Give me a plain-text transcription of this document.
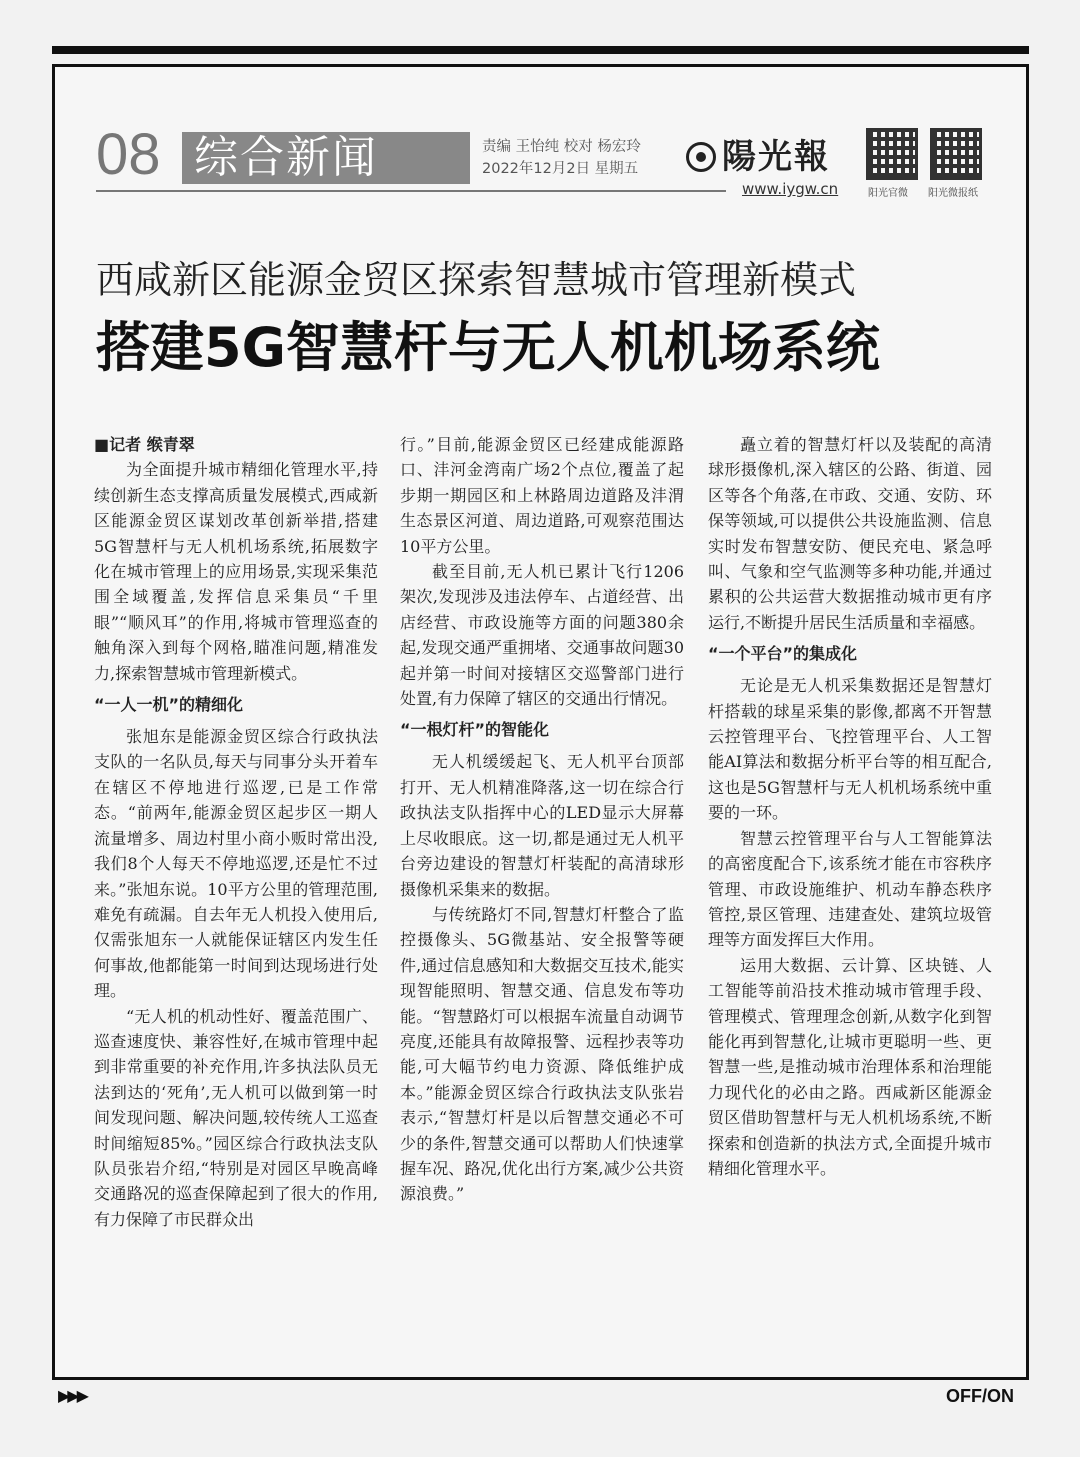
08 综合新闻	责编 王怡纯 校对 杨宏玲
2022年12月2日 星期五 陽光報
www.iygw.cn	阳光官微 阳光微报纸
西咸新区能源金贸区探索智慧城市管理新模式
搭建5G智慧杆与无人机机场系统

■记者 缑青翠

为全面提升城市精细化管理水平,持续创新生态支撑高质量发展模式,西咸新区能源金贸区谋划改革创新举措,搭建5G智慧杆与无人机机场系统,拓展数字化在城市管理上的应用场景,实现采集范围全域覆盖,发挥信息采集员“千里眼”“顺风耳”的作用,将城市管理巡查的触角深入到每个网格,瞄准问题,精准发力,探索智慧城市管理新模式。

“一人一机”的精细化

张旭东是能源金贸区综合行政执法支队的一名队员,每天与同事分头开着车在辖区不停地进行巡逻,已是工作常态。“前两年,能源金贸区起步区一期人流量增多、周边村里小商小贩时常出没,我们8个人每天不停地巡逻,还是忙不过来。”张旭东说。10平方公里的管理范围,难免有疏漏。自去年无人机投入使用后,仅需张旭东一人就能保证辖区内发生任何事故,他都能第一时间到达现场进行处理。

“无人机的机动性好、覆盖范围广、巡查速度快、兼容性好,在城市管理中起到非常重要的补充作用,许多执法队员无法到达的‘死角’,无人机可以做到第一时间发现问题、解决问题,较传统人工巡查时间缩短85%。”园区综合行政执法支队队员张岩介绍,“特别是对园区早晚高峰交通路况的巡查保障起到了很大的作用,有力保障了市民群众出

行。”目前,能源金贸区已经建成能源路口、沣河金湾南广场2个点位,覆盖了起步期一期园区和上林路周边道路及沣渭生态景区河道、周边道路,可观察范围达10平方公里。

截至目前,无人机已累计飞行1206架次,发现涉及违法停车、占道经营、出店经营、市政设施等方面的问题380余起,发现交通严重拥堵、交通事故问题30起并第一时间对接辖区交巡警部门进行处置,有力保障了辖区的交通出行情况。

“一根灯杆”的智能化

无人机缓缓起飞、无人机平台顶部打开、无人机精准降落,这一切在综合行政执法支队指挥中心的LED显示大屏幕上尽收眼底。这一切,都是通过无人机平台旁边建设的智慧灯杆装配的高清球形摄像机采集来的数据。

与传统路灯不同,智慧灯杆整合了监控摄像头、5G微基站、安全报警等硬件,通过信息感知和大数据交互技术,能实现智能照明、智慧交通、信息发布等功能。“智慧路灯可以根据车流量自动调节亮度,还能具有故障报警、远程抄表等功能,可大幅节约电力资源、降低维护成本。”能源金贸区综合行政执法支队张岩表示,“智慧灯杆是以后智慧交通必不可少的条件,智慧交通可以帮助人们快速掌握车况、路况,优化出行方案,减少公共资源浪费。”

矗立着的智慧灯杆以及装配的高清球形摄像机,深入辖区的公路、街道、园区等各个角落,在市政、交通、安防、环保等领域,可以提供公共设施监测、信息实时发布智慧安防、便民充电、紧急呼叫、气象和空气监测等多种功能,并通过累积的公共运营大数据推动城市更有序运行,不断提升居民生活质量和幸福感。

“一个平台”的集成化

无论是无人机采集数据还是智慧灯杆搭载的球星采集的影像,都离不开智慧云控管理平台、飞控管理平台、人工智能AI算法和数据分析平台等的相互配合,这也是5G智慧杆与无人机机场系统中重要的一环。

智慧云控管理平台与人工智能算法的高密度配合下,该系统才能在市容秩序管理、市政设施维护、机动车静态秩序管控,景区管理、违建查处、建筑垃圾管理等方面发挥巨大作用。

运用大数据、云计算、区块链、人工智能等前沿技术推动城市管理手段、管理模式、管理理念创新,从数字化到智能化再到智慧化,让城市更聪明一些、更智慧一些,是推动城市治理体系和治理能力现代化的必由之路。西咸新区能源金贸区借助智慧杆与无人机机场系统,不断探索和创造新的执法方式,全面提升城市精细化管理水平。

▶▶▶	OFF/ON
